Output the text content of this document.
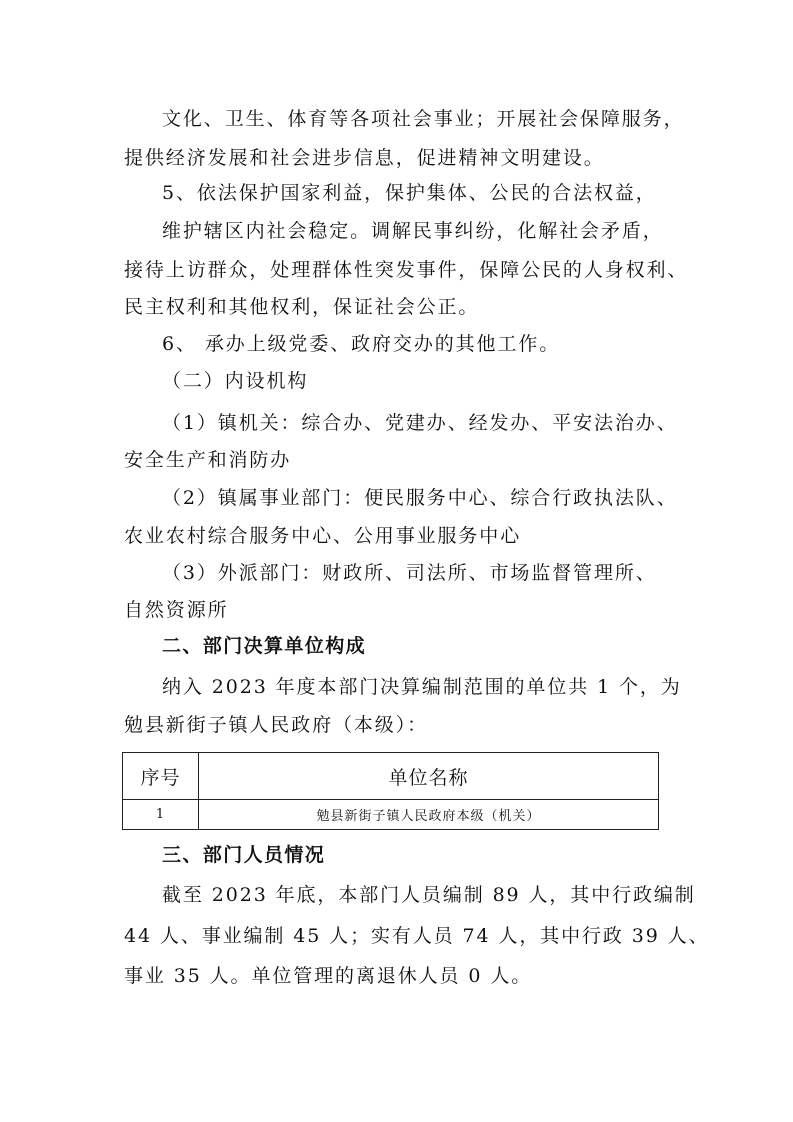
文化、卫生、体育等各项社会事业；开展社会保障服务，
提供经济发展和社会进步信息，促进精神文明建设。
5、依法保护国家利益，保护集体、公民的合法权益，
维护辖区内社会稳定。调解民事纠纷，化解社会矛盾，
接待上访群众，处理群体性突发事件，保障公民的人身权利、
民主权利和其他权利，保证社会公正。
6、 承办上级党委、政府交办的其他工作。
（二）内设机构
（1）镇机关：综合办、党建办、经发办、平安法治办、
安全生产和消防办
（2）镇属事业部门：便民服务中心、综合行政执法队、
农业农村综合服务中心、公用事业服务中心
（3）外派部门：财政所、司法所、市场监督管理所、
自然资源所
二、部门决算单位构成
纳入 2023 年度本部门决算编制范围的单位共 1 个，为
勉县新街子镇人民政府（本级）：
序号	单位名称
1	勉县新街子镇人民政府本级（机关）
三、部门人员情况
截至 2023 年底，本部门人员编制 89 人，其中行政编制
44 人、事业编制 45 人；实有人员 74 人，其中行政 39 人、
事业 35 人。单位管理的离退休人员 0 人。
